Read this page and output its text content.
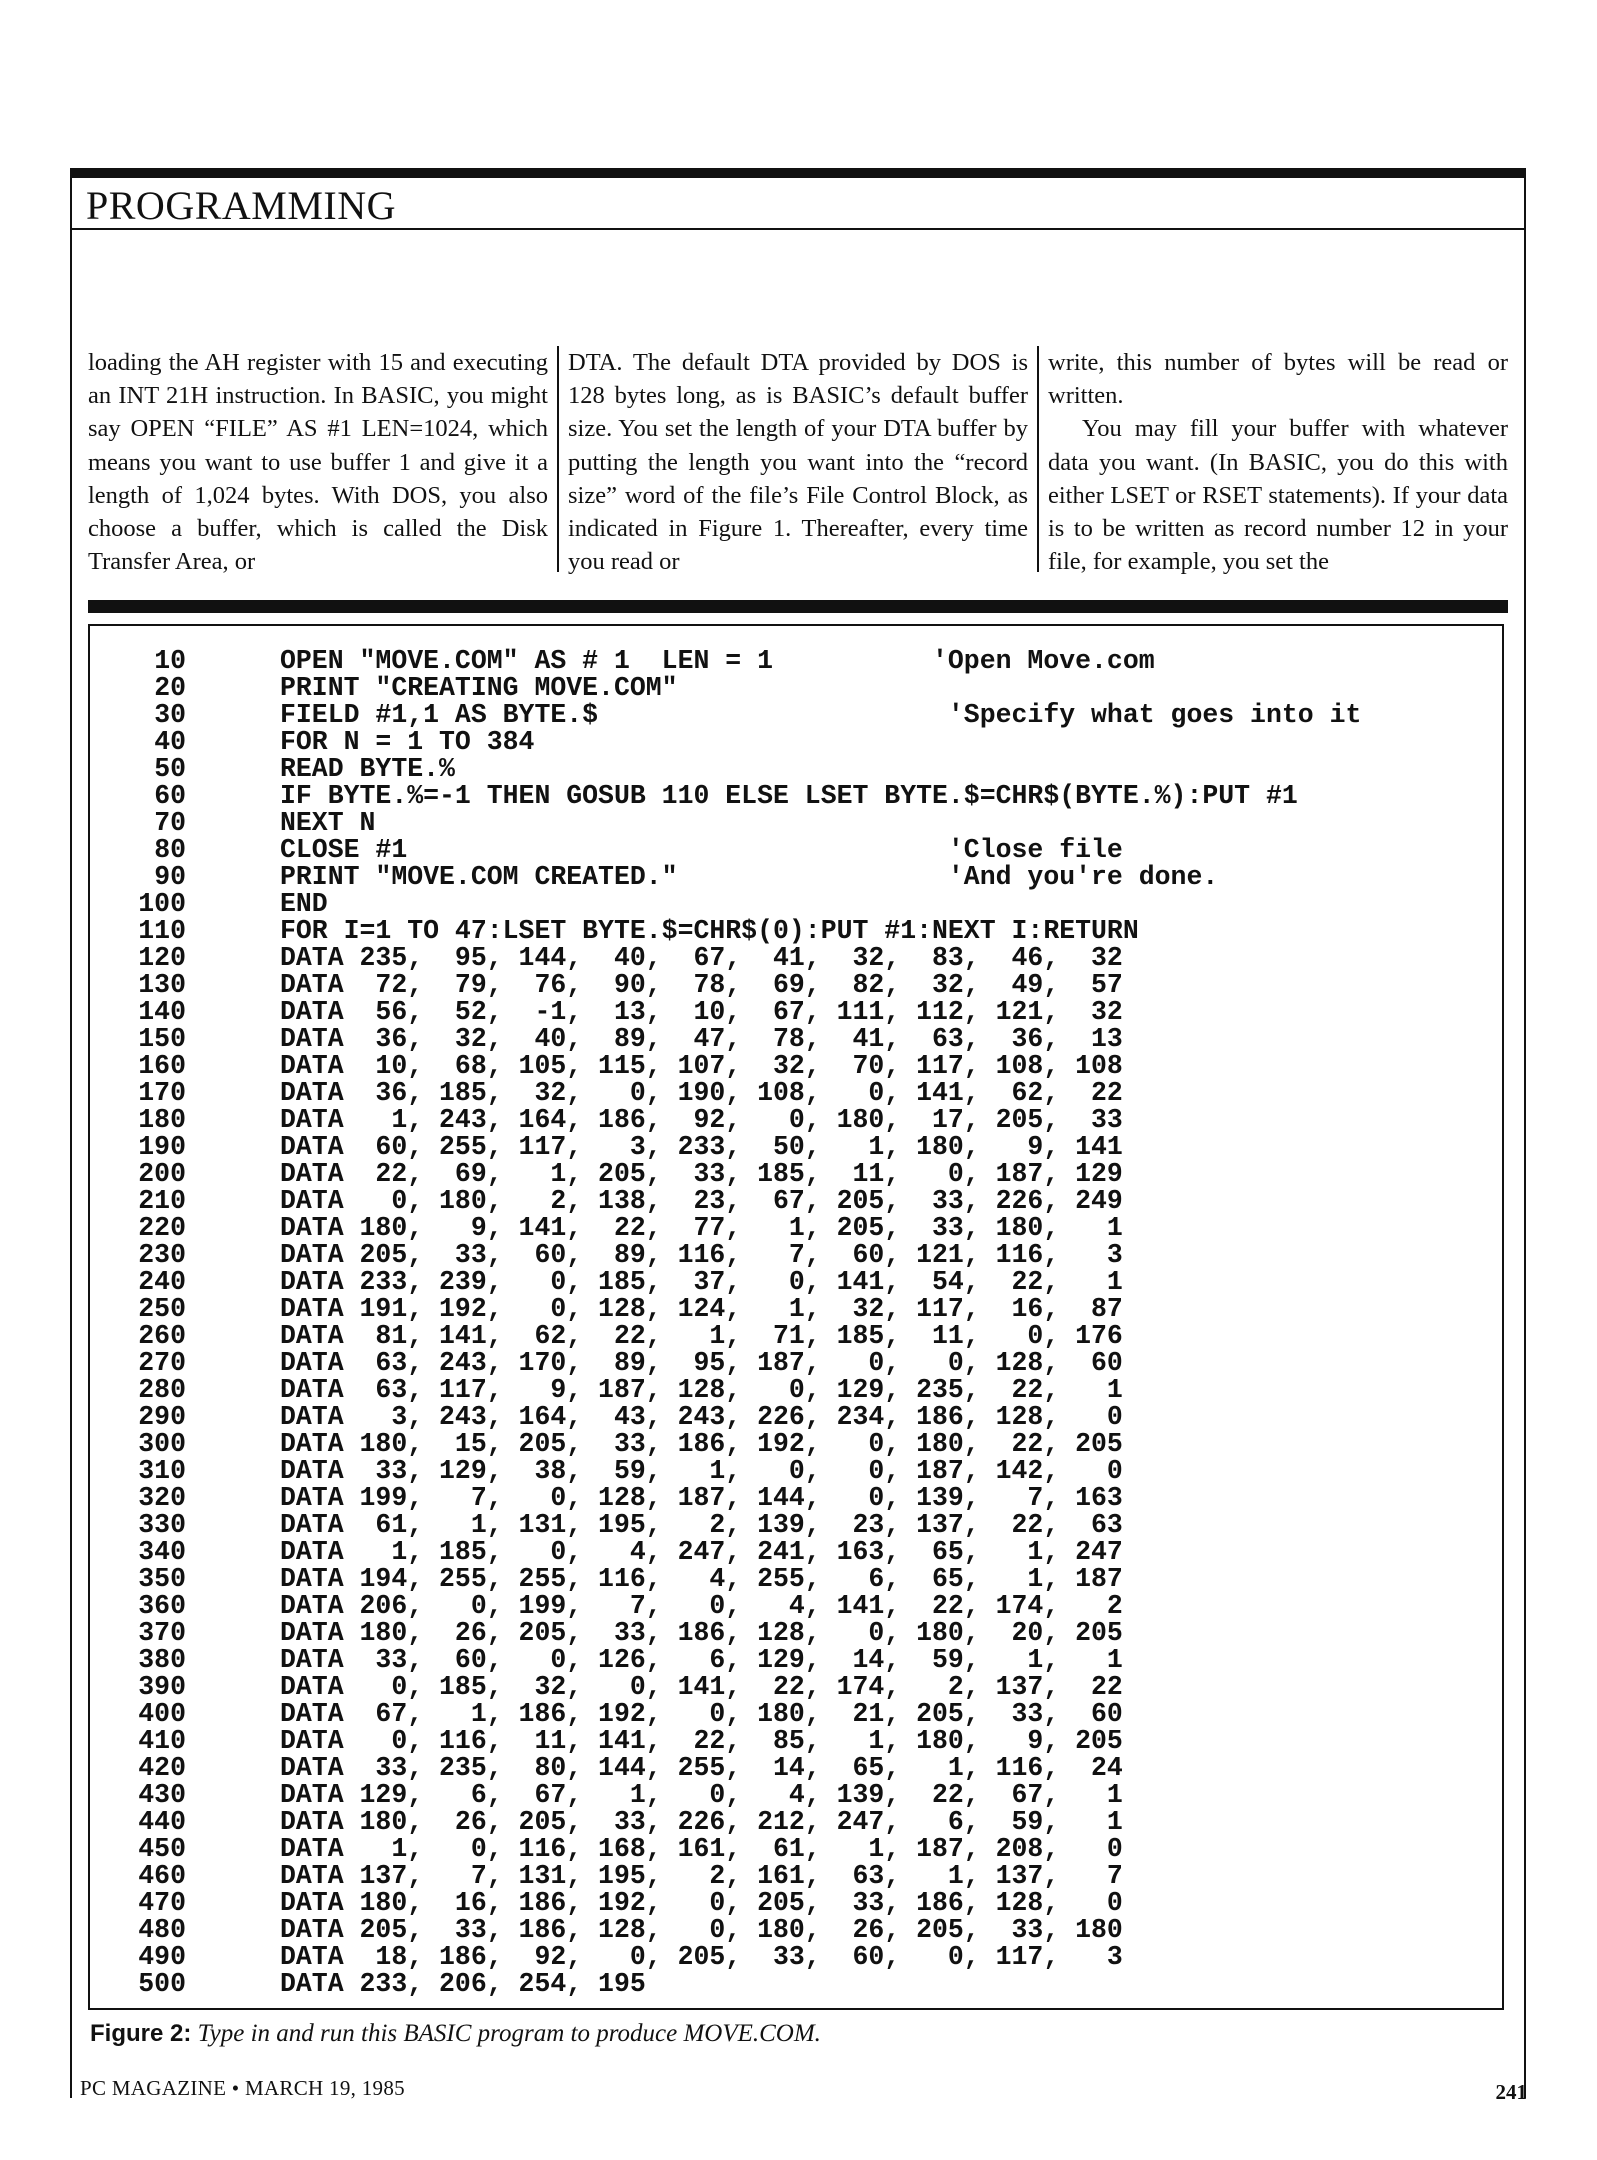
PROGRAMMING

loading the AH register with 15 and executing an INT 21H instruction. In BASIC, you might say OPEN “FILE” AS #1 LEN=1024, which means you want to use buffer 1 and give it a length of 1,024 bytes. With DOS, you also choose a buffer, which is called the Disk Transfer Area, or

DTA. The default DTA provided by DOS is 128 bytes long, as is BASIC’s default buffer size. You set the length of your DTA buffer by putting the length you want into the “record size” word of the file’s File Control Block, as indicated in Figure 1. Thereafter, every time you read or

write, this number of bytes will be read or written.

You may fill your buffer with whatever data you want. (In BASIC, you do this with either LSET or RSET statements). If your data is to be written as record number 12 in your file, for example, you set the

10	OPEN "MOVE.COM" AS # 1  LEN = 1          'Open Move.com
20	PRINT "CREATING MOVE.COM"
30	FIELD #1,1 AS BYTE.$                      'Specify what goes into it
40	FOR N = 1 TO 384
50	READ BYTE.%
60	IF BYTE.%=-1 THEN GOSUB 110 ELSE LSET BYTE.$=CHR$(BYTE.%):PUT #1
70	NEXT N
80	CLOSE #1                                  'Close file
90	PRINT "MOVE.COM CREATED."                 'And you're done.
100	END
110	FOR I=1 TO 47:LSET BYTE.$=CHR$(0):PUT #1:NEXT I:RETURN
120	DATA 235,  95, 144,  40,  67,  41,  32,  83,  46,  32
130	DATA  72,  79,  76,  90,  78,  69,  82,  32,  49,  57
140	DATA  56,  52,  -1,  13,  10,  67, 111, 112, 121,  32
150	DATA  36,  32,  40,  89,  47,  78,  41,  63,  36,  13
160	DATA  10,  68, 105, 115, 107,  32,  70, 117, 108, 108
170	DATA  36, 185,  32,   0, 190, 108,   0, 141,  62,  22
180	DATA   1, 243, 164, 186,  92,   0, 180,  17, 205,  33
190	DATA  60, 255, 117,   3, 233,  50,   1, 180,   9, 141
200	DATA  22,  69,   1, 205,  33, 185,  11,   0, 187, 129
210	DATA   0, 180,   2, 138,  23,  67, 205,  33, 226, 249
220	DATA 180,   9, 141,  22,  77,   1, 205,  33, 180,   1
230	DATA 205,  33,  60,  89, 116,   7,  60, 121, 116,   3
240	DATA 233, 239,   0, 185,  37,   0, 141,  54,  22,   1
250	DATA 191, 192,   0, 128, 124,   1,  32, 117,  16,  87
260	DATA  81, 141,  62,  22,   1,  71, 185,  11,   0, 176
270	DATA  63, 243, 170,  89,  95, 187,   0,   0, 128,  60
280	DATA  63, 117,   9, 187, 128,   0, 129, 235,  22,   1
290	DATA   3, 243, 164,  43, 243, 226, 234, 186, 128,   0
300	DATA 180,  15, 205,  33, 186, 192,   0, 180,  22, 205
310	DATA  33, 129,  38,  59,   1,   0,   0, 187, 142,   0
320	DATA 199,   7,   0, 128, 187, 144,   0, 139,   7, 163
330	DATA  61,   1, 131, 195,   2, 139,  23, 137,  22,  63
340	DATA   1, 185,   0,   4, 247, 241, 163,  65,   1, 247
350	DATA 194, 255, 255, 116,   4, 255,   6,  65,   1, 187
360	DATA 206,   0, 199,   7,   0,   4, 141,  22, 174,   2
370	DATA 180,  26, 205,  33, 186, 128,   0, 180,  20, 205
380	DATA  33,  60,   0, 126,   6, 129,  14,  59,   1,   1
390	DATA   0, 185,  32,   0, 141,  22, 174,   2, 137,  22
400	DATA  67,   1, 186, 192,   0, 180,  21, 205,  33,  60
410	DATA   0, 116,  11, 141,  22,  85,   1, 180,   9, 205
420	DATA  33, 235,  80, 144, 255,  14,  65,   1, 116,  24
430	DATA 129,   6,  67,   1,   0,   4, 139,  22,  67,   1
440	DATA 180,  26, 205,  33, 226, 212, 247,   6,  59,   1
450	DATA   1,   0, 116, 168, 161,  61,   1, 187, 208,   0
460	DATA 137,   7, 131, 195,   2, 161,  63,   1, 137,   7
470	DATA 180,  16, 186, 192,   0, 205,  33, 186, 128,   0
480	DATA 205,  33, 186, 128,   0, 180,  26, 205,  33, 180
490	DATA  18, 186,  92,   0, 205,  33,  60,   0, 117,   3
500	DATA 233, 206, 254, 195
Figure 2: Type in and run this BASIC program to produce MOVE.COM.
PC MAGAZINE • MARCH 19, 1985	241
